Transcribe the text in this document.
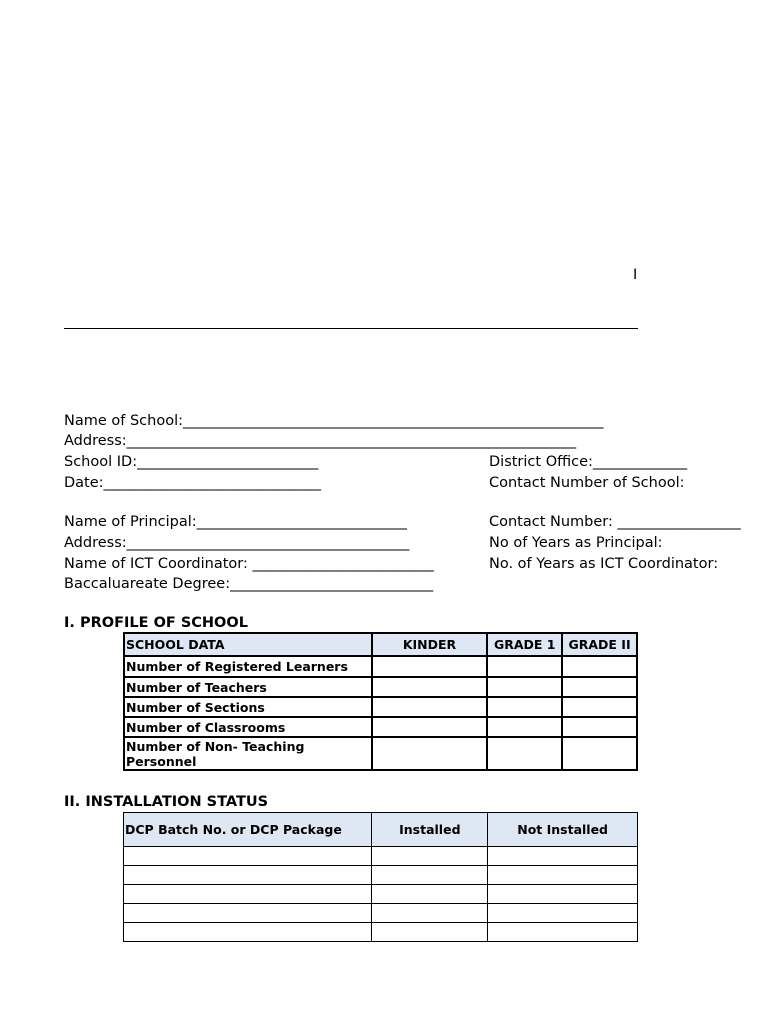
I
Name of School:__________________________________________________________
Address:______________________________________________________________
School ID:_________________________	District Office:_____________
Date:______________________________	Contact Number of School:
Name of Principal:_____________________________	Contact Number: _________________
Address:_______________________________________	No of Years as Principal:
Name of ICT Coordinator: _________________________	No. of Years as ICT Coordinator:
Baccaluareate Degree:____________________________
I. PROFILE OF SCHOOL
SCHOOL DATA	KINDER	GRADE 1	GRADE II
Number of Registered Learners			
Number of Teachers			
Number of Sections			
Number of Classrooms			
Number of Non- Teaching Personnel			
II. INSTALLATION STATUS
DCP Batch No. or DCP Package	Installed	Not Installed
